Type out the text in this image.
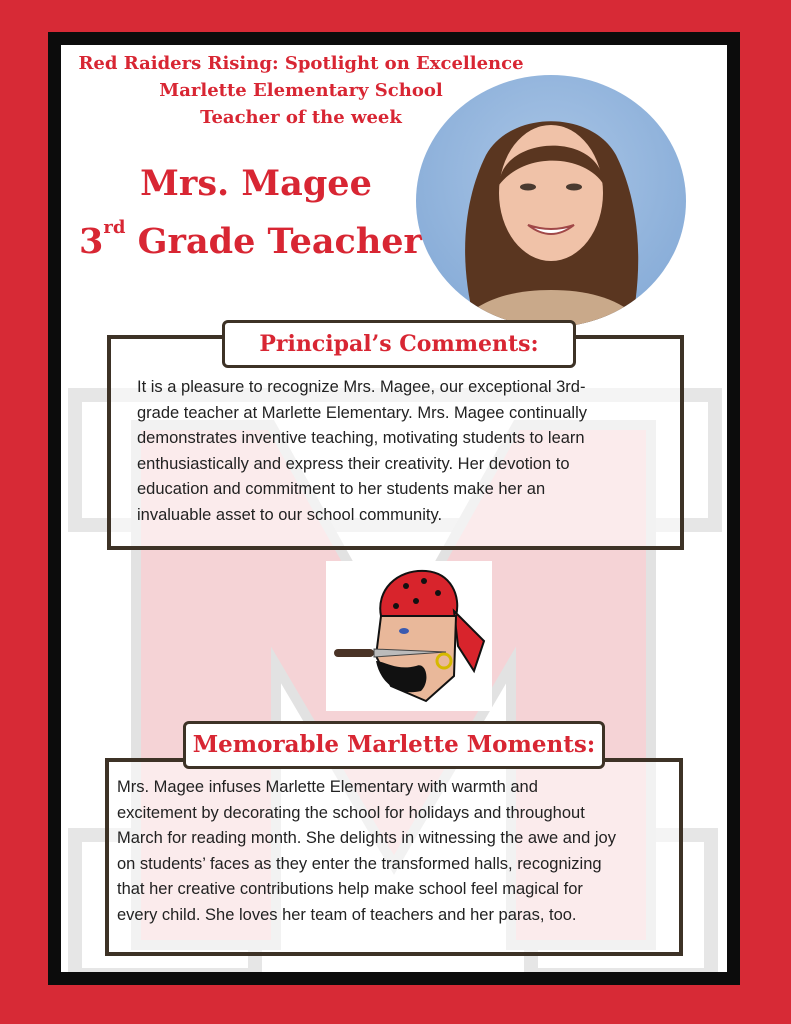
Red Raiders Rising: Spotlight on Excellence
Marlette Elementary School
Teacher of the week
Mrs. Magee
3rd Grade Teacher
Principal’s Comments:
It is a pleasure to recognize Mrs. Magee, our exceptional 3rd-
grade teacher at Marlette Elementary. Mrs. Magee continually
demonstrates inventive teaching, motivating students to learn
enthusiastically and express their creativity. Her devotion to
education and commitment to her students make her an
invaluable asset to our school community.
Memorable Marlette Moments:
Mrs. Magee infuses Marlette Elementary with warmth and
excitement by decorating the school for holidays and throughout
March for reading month. She delights in witnessing the awe and joy
on students’ faces as they enter the transformed halls, recognizing
that her creative contributions help make school feel magical for
every child. She loves her team of teachers and her paras, too.
